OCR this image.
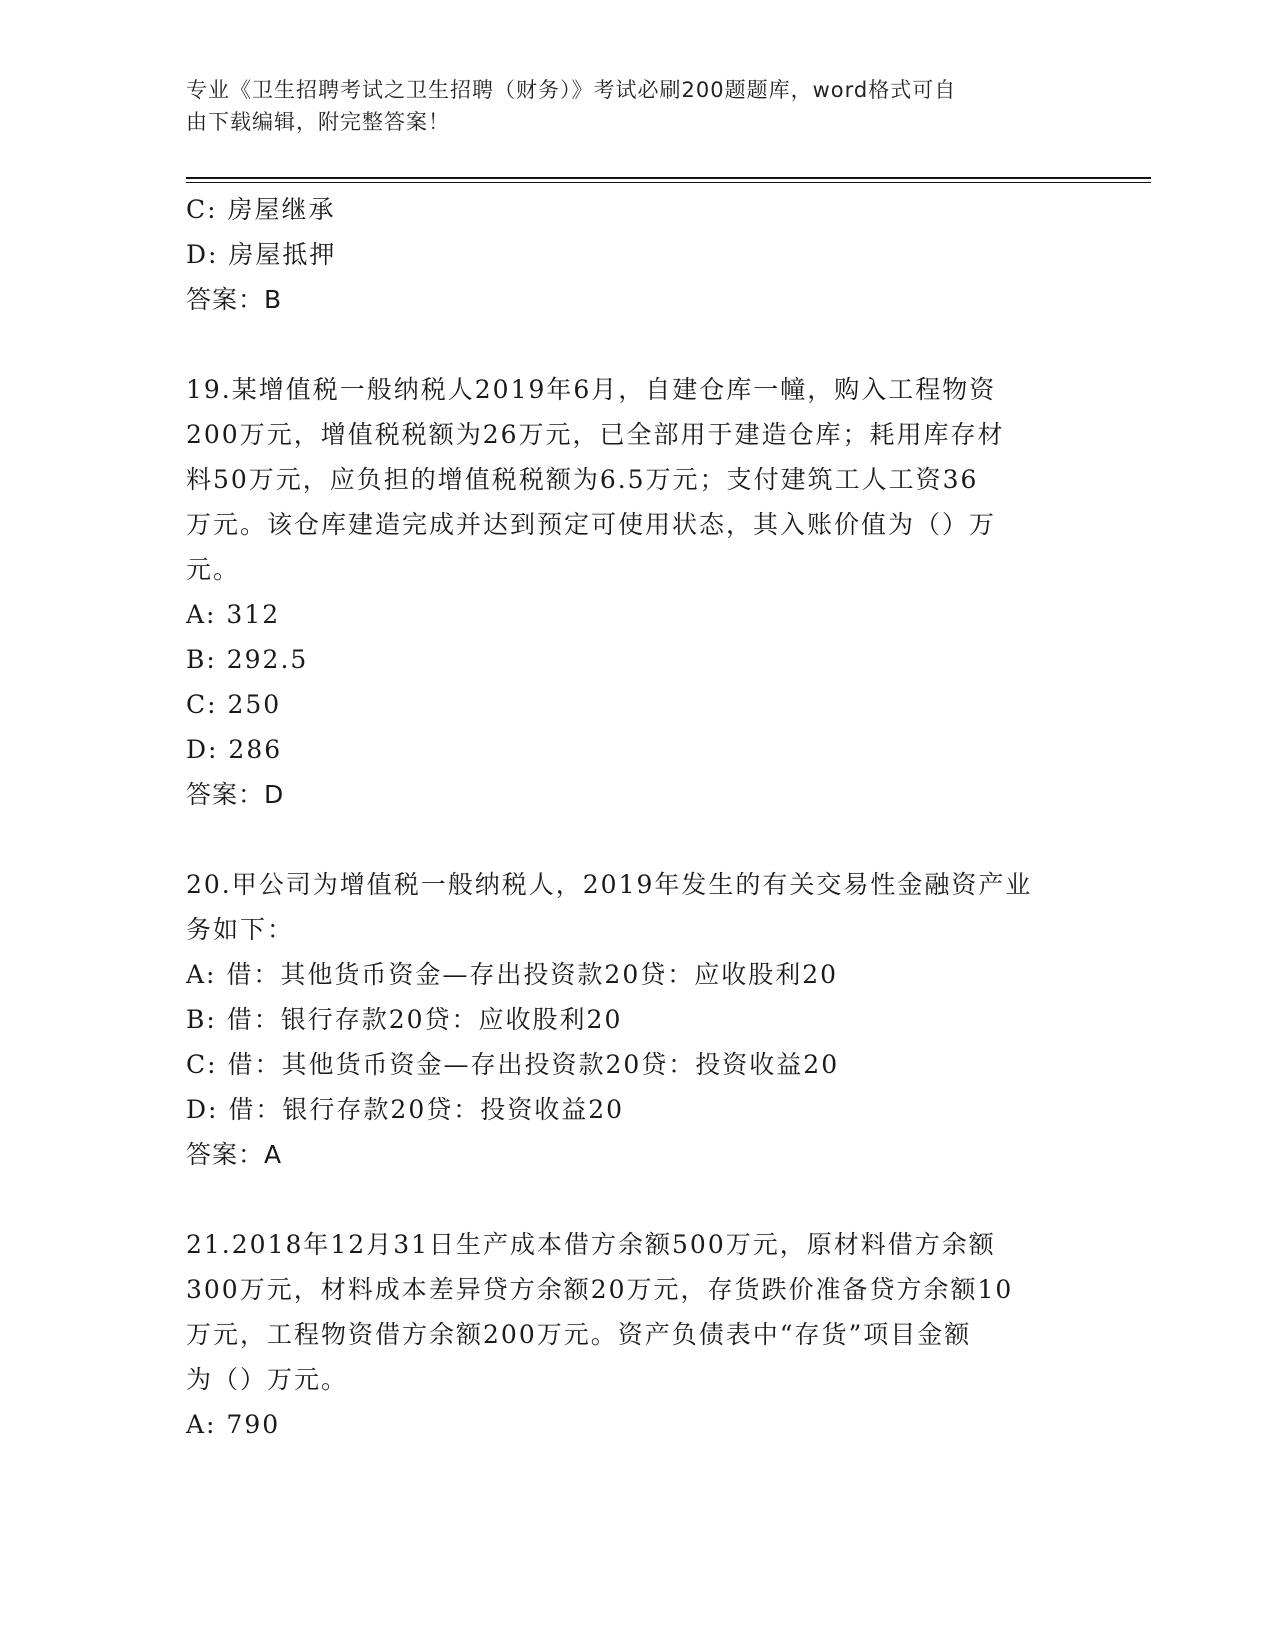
专业《卫生招聘考试之卫生招聘（财务）》考试必刷200题题库，word格式可自
由下载编辑，附完整答案！
C: 房屋继承
D: 房屋抵押
答案：B
19.某增值税一般纳税人2019年6月，自建仓库一幢，购入工程物资
200万元，增值税税额为26万元，已全部用于建造仓库；耗用库存材
料50万元，应负担的增值税税额为6.5万元；支付建筑工人工资36
万元。该仓库建造完成并达到预定可使用状态，其入账价值为（）万
元。
A: 312
B: 292.5
C: 250
D: 286
答案：D
20.甲公司为增值税一般纳税人，2019年发生的有关交易性金融资产业
务如下：
A: 借：其他货币资金—存出投资款20贷：应收股利20
B: 借：银行存款20贷：应收股利20
C: 借：其他货币资金—存出投资款20贷：投资收益20
D: 借：银行存款20贷：投资收益20
答案：A
21.2018年12月31日生产成本借方余额500万元，原材料借方余额
300万元，材料成本差异贷方余额20万元，存货跌价准备贷方余额10
万元，工程物资借方余额200万元。资产负债表中“存货”项目金额
为（）万元。
A: 790
